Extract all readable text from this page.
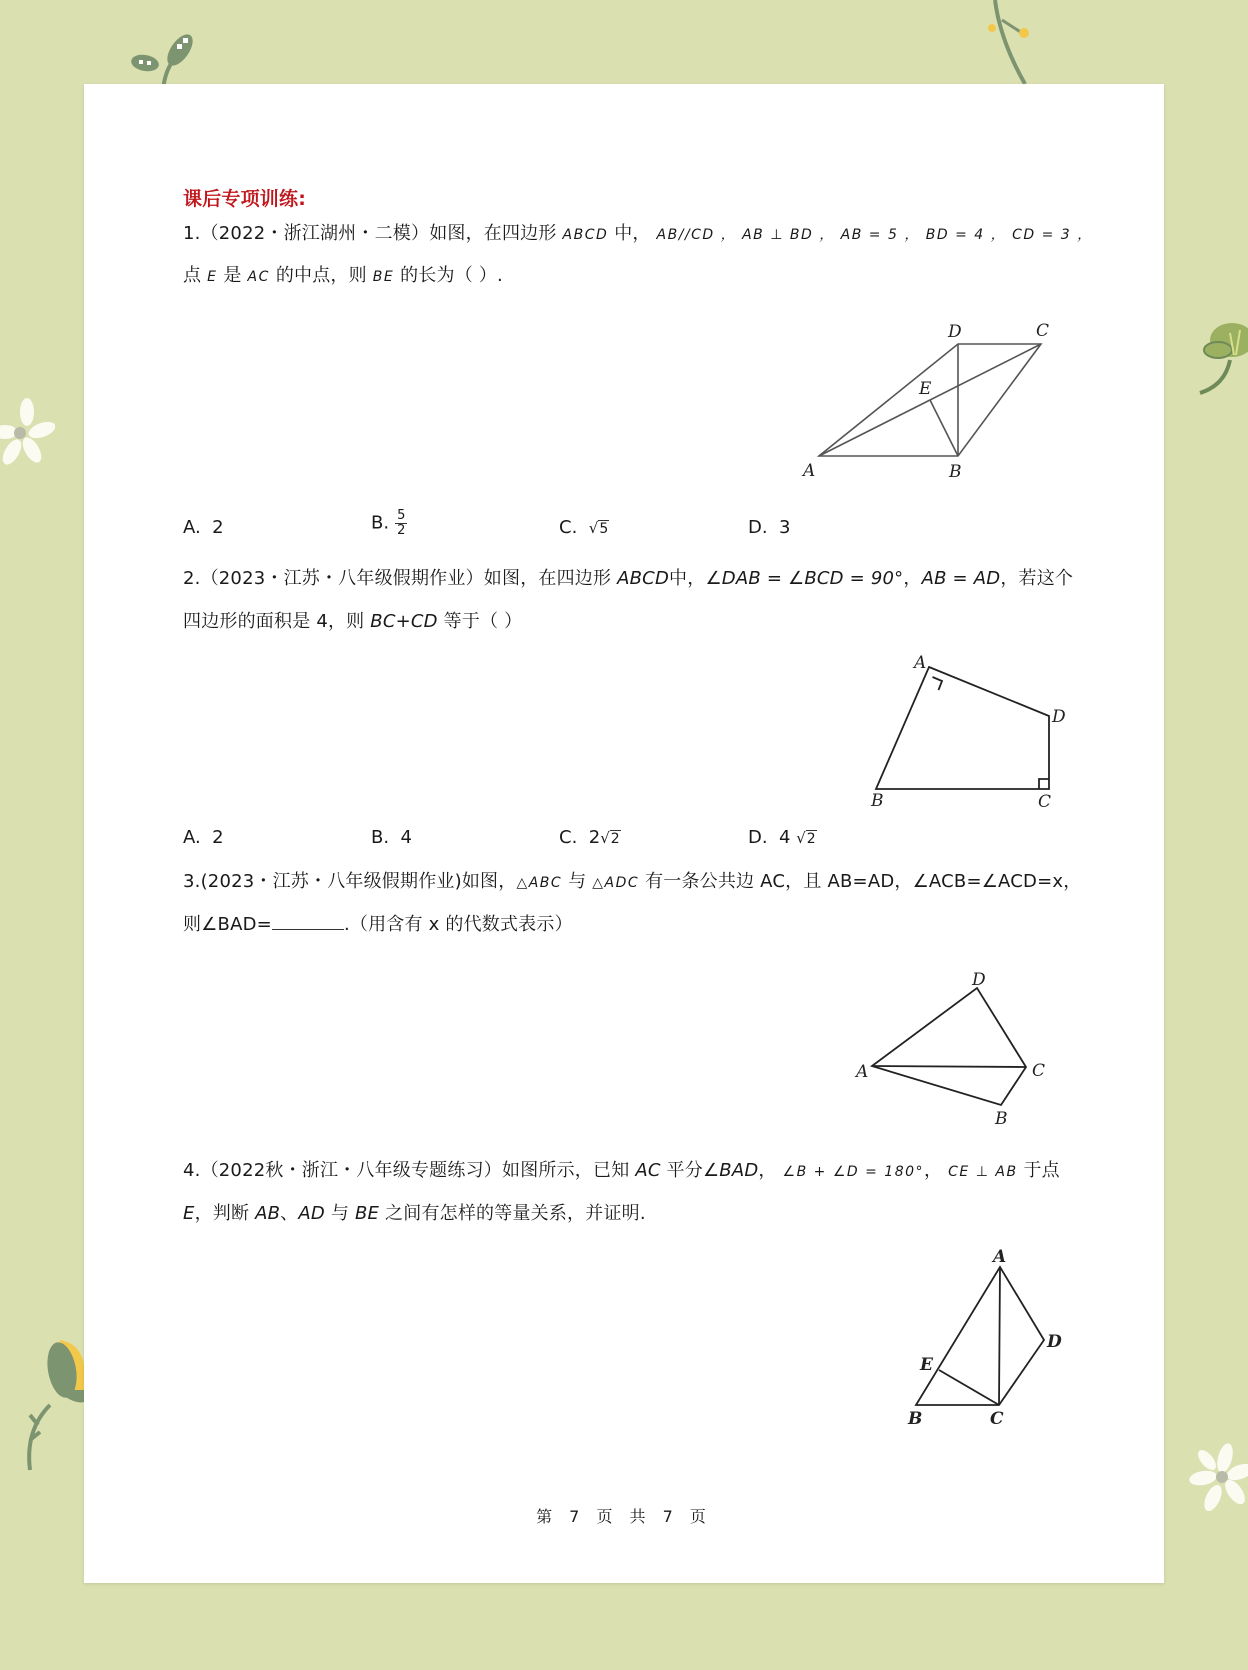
课后专项训练:
1.（2022・浙江湖州・二模）如图，在四边形 ABCD 中， AB//CD ， AB ⊥ BD ， AB = 5 ， BD = 4 ， CD = 3 ，
点 E 是 AC 的中点，则 BE 的长为（ ）.
A	B
C
D
E
A. 2	B. $\frac{5}{2}$	C. √5	D. 3
2.（2023・江苏・八年级假期作业）如图，在四边形 ABCD中，∠DAB = ∠BCD = 90°，AB = AD，若这个
四边形的面积是 4，则 BC+CD 等于（ ）
A
B	C
D
A. 2	B. 4	C. 2√2	D. 4 √2
3.(2023・江苏・八年级假期作业)如图，△ABC 与 △ADC 有一条公共边 AC，且 AB=AD，∠ACB=∠ACD=x，
则∠BAD=	.（用含有 x 的代数式表示）
A
B
C
D
4.（2022秋・浙江・八年级专题练习）如图所示，已知 AC 平分∠BAD， ∠B + ∠D = 180°， CE ⊥ AB 于点
E，判断 AB、AD 与 BE 之间有怎样的等量关系，并证明.
A
B	C
D
E
第 7 页 共 7 页
